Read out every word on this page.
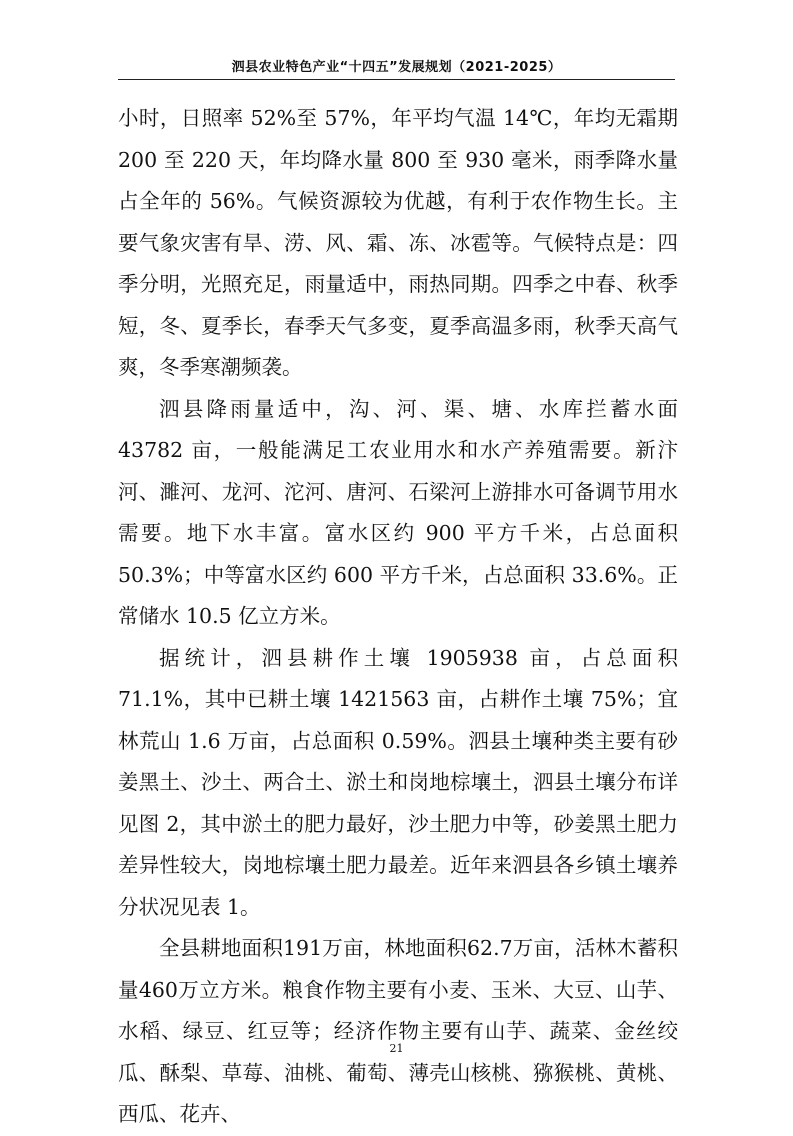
泗县农业特色产业“十四五”发展规划（2021-2025）

小时，日照率 52%至 57%，年平均气温 14℃，年均无霜期 200 至 220 天，年均降水量 800 至 930 毫米，雨季降水量占全年的 56%。气候资源较为优越，有利于农作物生长。主要气象灾害有旱、涝、风、霜、冻、冰雹等。气候特点是：四季分明，光照充足，雨量适中，雨热同期。四季之中春、秋季短，冬、夏季长，春季天气多变，夏季高温多雨，秋季天高气爽，冬季寒潮频袭。

泗县降雨量适中，沟、河、渠、塘、水库拦蓄水面 43782 亩，一般能满足工农业用水和水产养殖需要。新汴河、濉河、龙河、沱河、唐河、石梁河上游排水可备调节用水需要。地下水丰富。富水区约 900 平方千米，占总面积 50.3%；中等富水区约 600 平方千米，占总面积 33.6%。正常储水 10.5 亿立方米。

据统计，泗县耕作土壤 1905938 亩，占总面积 71.1%，其中已耕土壤 1421563 亩，占耕作土壤 75%；宜林荒山 1.6 万亩，占总面积 0.59%。泗县土壤种类主要有砂姜黑土、沙土、两合土、淤土和岗地棕壤土，泗县土壤分布详见图 2，其中淤土的肥力最好，沙土肥力中等，砂姜黑土肥力差异性较大，岗地棕壤土肥力最差。近年来泗县各乡镇土壤养分状况见表 1。

全县耕地面积191万亩，林地面积62.7万亩，活林木蓄积量460万立方米。粮食作物主要有小麦、玉米、大豆、山芋、水稻、绿豆、红豆等；经济作物主要有山芋、蔬菜、金丝绞瓜、酥梨、草莓、油桃、葡萄、薄壳山核桃、猕猴桃、黄桃、西瓜、花卉、

21
